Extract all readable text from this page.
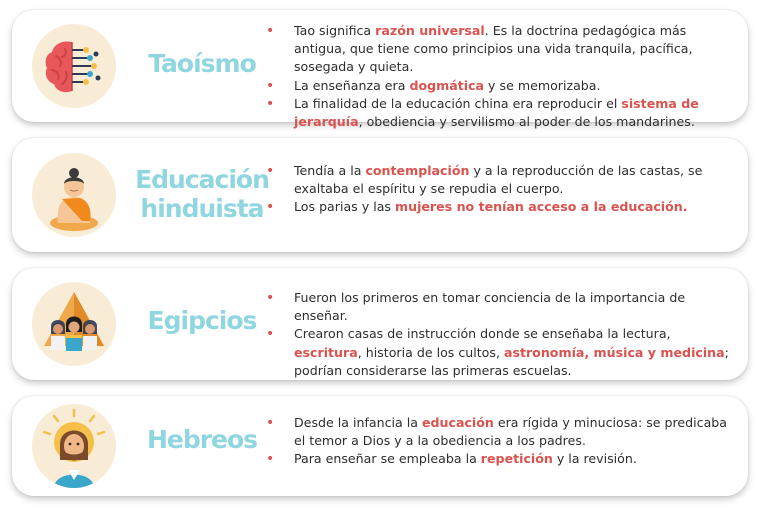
Taoísmo
• Tao significa razón universal. Es la doctrina pedagógica más antigua, que tiene como principios una vida tranquila, pacífica, sosegada y quieta.
• La enseñanza era dogmática y se memorizaba.
• La finalidad de la educación china era reproducir el sistema de jerarquía, obediencia y servilismo al poder de los mandarines.
Educación hinduista
• Tendía a la contemplación y a la reproducción de las castas, se exaltaba el espíritu y se repudia el cuerpo.
• Los parias y las mujeres no tenían acceso a la educación.
Egipcios
• Fueron los primeros en tomar conciencia de la importancia de enseñar.
• Crearon casas de instrucción donde se enseñaba la lectura, escritura, historia de los cultos, astronomía, música y medicina; podrían considerarse las primeras escuelas.
Hebreos
• Desde la infancia la educación era rígida y minuciosa: se predicaba el temor a Dios y a la obediencia a los padres.
• Para enseñar se empleaba la repetición y la revisión.
